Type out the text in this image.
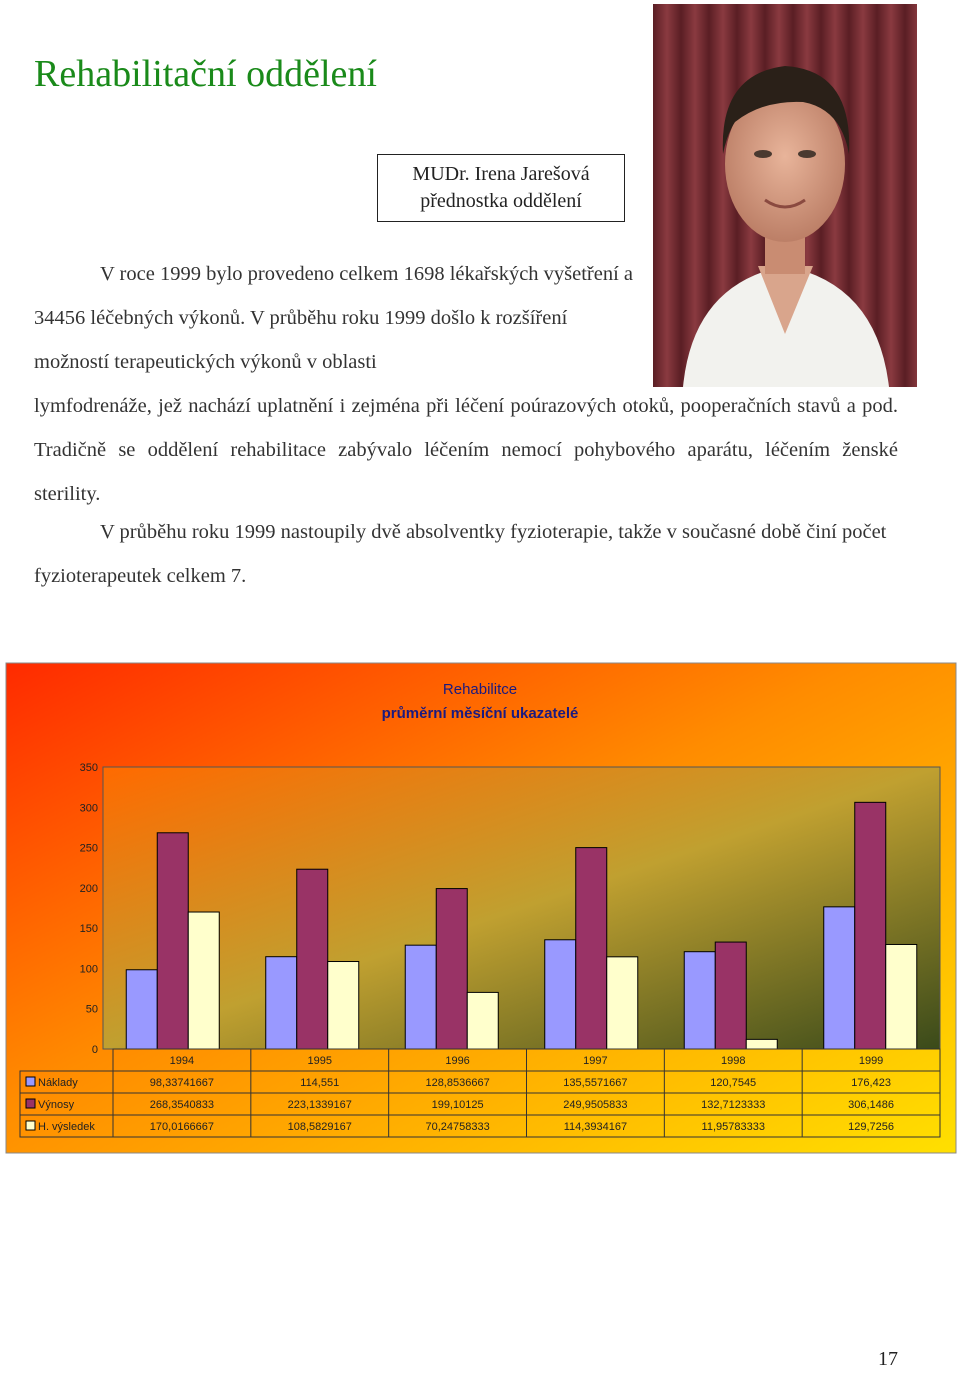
Rehabilitační oddělení
MUDr. Irena Jarešová
přednostka oddělení

V roce 1999 bylo provedeno celkem 1698 lékařských vyšetření a 34456 léčebných výkonů. V průběhu roku 1999 došlo k rozšíření možností terapeutických výkonů v oblasti

lymfodrenáže, jež nachází uplatnění i zejména při léčení poúrazových otoků, pooperačních stavů a pod. Tradičně se oddělení rehabilitace zabývalo léčením nemocí pohybového aparátu, léčením ženské sterility.

V průběhu roku 1999 nastoupily dvě absolventky fyzioterapie, takže v současné době činí počet fyzioterapeutek celkem 7.

Rehabilitce
průměrní měsíční ukazatelé
0
50
100
150
200
250
300
350
1994	1995	1996	1997	1998	1999
Náklady	98,33741667	114,551	128,8536667	135,5571667	120,7545	176,423
Výnosy	268,3540833	223,1339167	199,10125	249,9505833	132,7123333	306,1486
H. výsledek	170,0166667	108,5829167	70,24758333	114,3934167	11,95783333	129,7256
17
